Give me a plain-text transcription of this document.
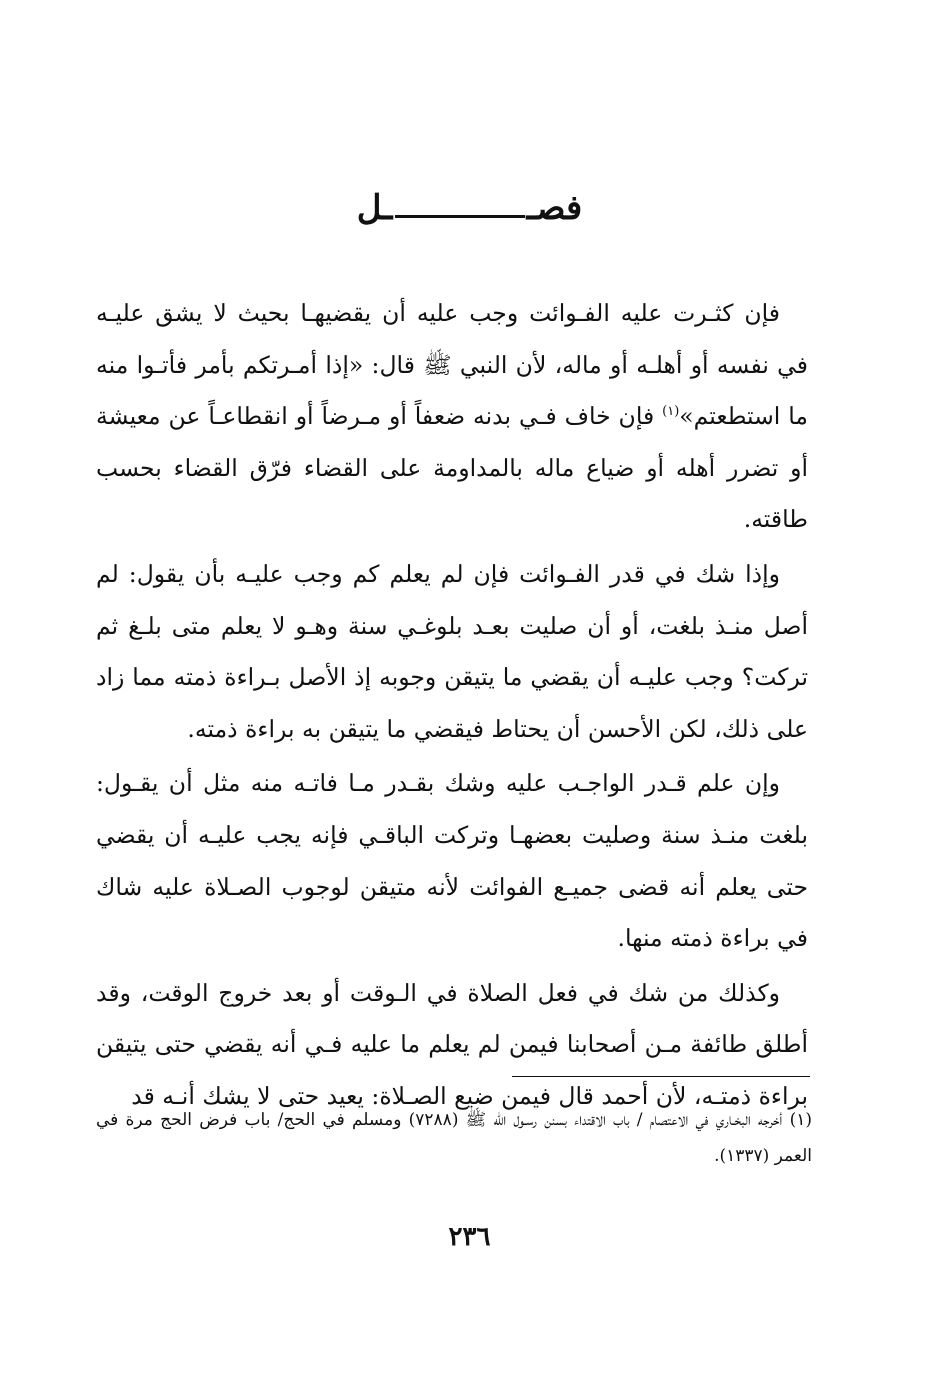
فصــل

فإن كثـرت عليه الفـوائت وجب عليه أن يقضيهـا بحيث لا يشق عليـه في نفسه أو أهلـه أو ماله، لأن النبي ﷺ قال: «إذا أمـرتكم بأمر فأتـوا منه ما استطعتم»$^{(١)}$ فإن خاف فـي بدنه ضعفاً أو مـرضاً أو انقطاعـاً عن معيشة أو تضرر أهله أو ضياع ماله بالمداومة على القضاء فرّق القضاء بحسب طاقته.

وإذا شك في قدر الفـوائت فإن لم يعلم كم وجب عليـه بأن يقول: لم أصل منـذ بلغت، أو أن صليت بعـد بلوغـي سنة وهـو لا يعلم متى بلـغ ثم تركت؟ وجب عليـه أن يقضي ما يتيقن وجوبه إذ الأصل بـراءة ذمته مما زاد على ذلك، لكن الأحسن أن يحتاط فيقضي ما يتيقن به براءة ذمته.

وإن علم قـدر الواجـب عليه وشك بقـدر مـا فاتـه منه مثل أن يقـول: بلغت منـذ سنة وصليت بعضهـا وتركت الباقـي فإنه يجب عليـه أن يقضي حتى يعلم أنه قضى جميـع الفوائت لأنه متيقن لوجوب الصـلاة عليه شاك في براءة ذمته منها.

وكذلك من شك في فعل الصلاة في الـوقت أو بعد خروج الوقت، وقد أطلق طائفة مـن أصحابنا فيمن لم يعلم ما عليه فـي أنه يقضي حتى يتيقن براءة ذمتـه، لأن أحمد قال فيمن ضيع الصـلاة: يعيد حتى لا يشك أنـه قد

(١) أخرجه البخـاري في الاعتصام / باب الاقتداء بسنن رسـول الله ﷺ (٧٢٨٨) ومسلم في الحج/ باب فرض الحج مرة في العمر (١٣٣٧).

٢٣٦
